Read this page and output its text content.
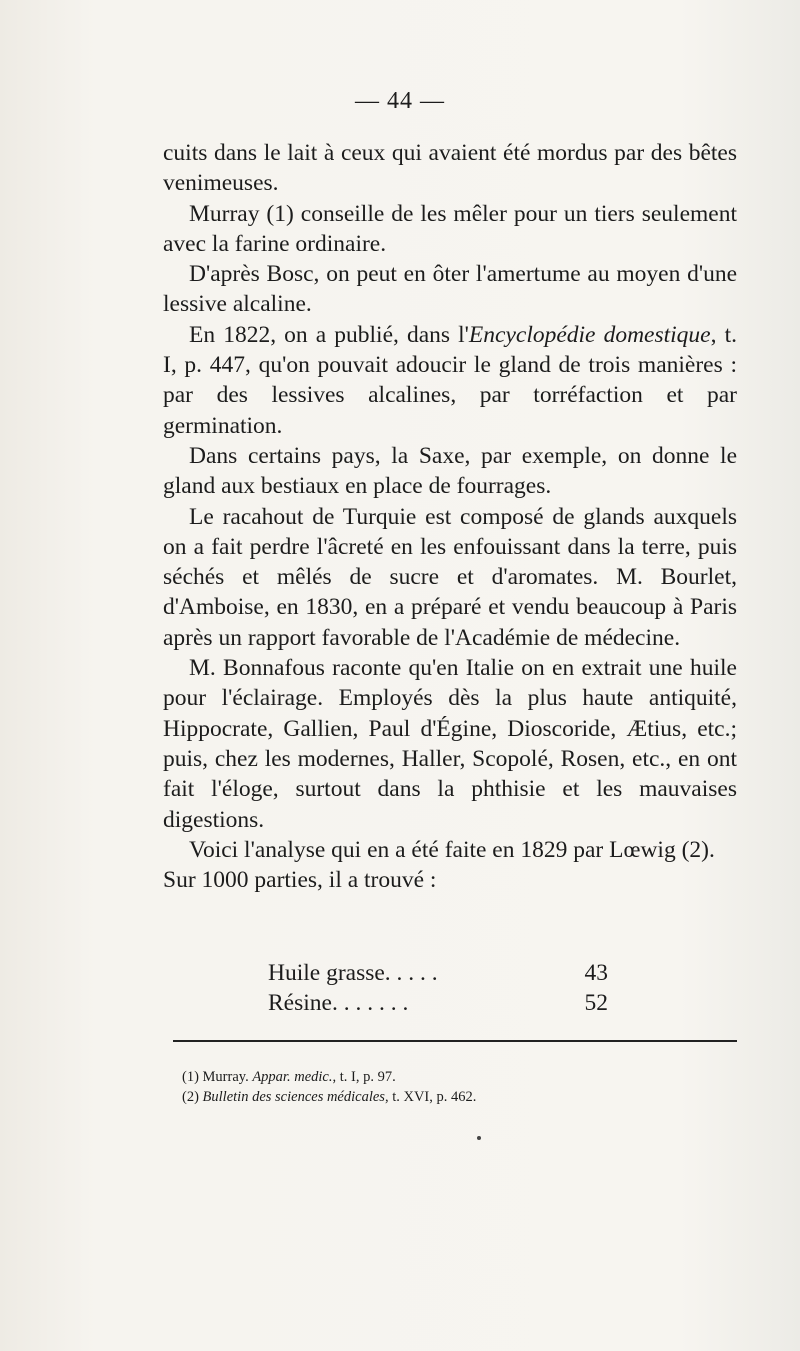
— 44 —

cuits dans le lait à ceux qui avaient été mordus par des bêtes venimeuses.

Murray (1) conseille de les mêler pour un tiers seulement avec la farine ordinaire.

D'après Bosc, on peut en ôter l'amertume au moyen d'une lessive alcaline.

En 1822, on a publié, dans l'Encyclopédie domestique, t. I, p. 447, qu'on pouvait adoucir le gland de trois manières : par des lessives alcalines, par torréfaction et par germination.

Dans certains pays, la Saxe, par exemple, on donne le gland aux bestiaux en place de fourrages.

Le racahout de Turquie est composé de glands auxquels on a fait perdre l'âcreté en les enfouissant dans la terre, puis séchés et mêlés de sucre et d'aromates. M. Bourlet, d'Amboise, en 1830, en a préparé et vendu beaucoup à Paris après un rapport favorable de l'Académie de médecine.

M. Bonnafous raconte qu'en Italie on en extrait une huile pour l'éclairage. Employés dès la plus haute antiquité, Hippocrate, Gallien, Paul d'Égine, Dioscoride, Ætius, etc.; puis, chez les modernes, Haller, Scopolé, Rosen, etc., en ont fait l'éloge, surtout dans la phthisie et les mauvaises digestions.

Voici l'analyse qui en a été faite en 1829 par Lœwig (2).

Sur 1000 parties, il a trouvé :

Huile grasse. . . . .	43
Résine. . . . . . .	52
(1) Murray. Appar. medic., t. I, p. 97.
(2) Bulletin des sciences médicales, t. XVI, p. 462.
